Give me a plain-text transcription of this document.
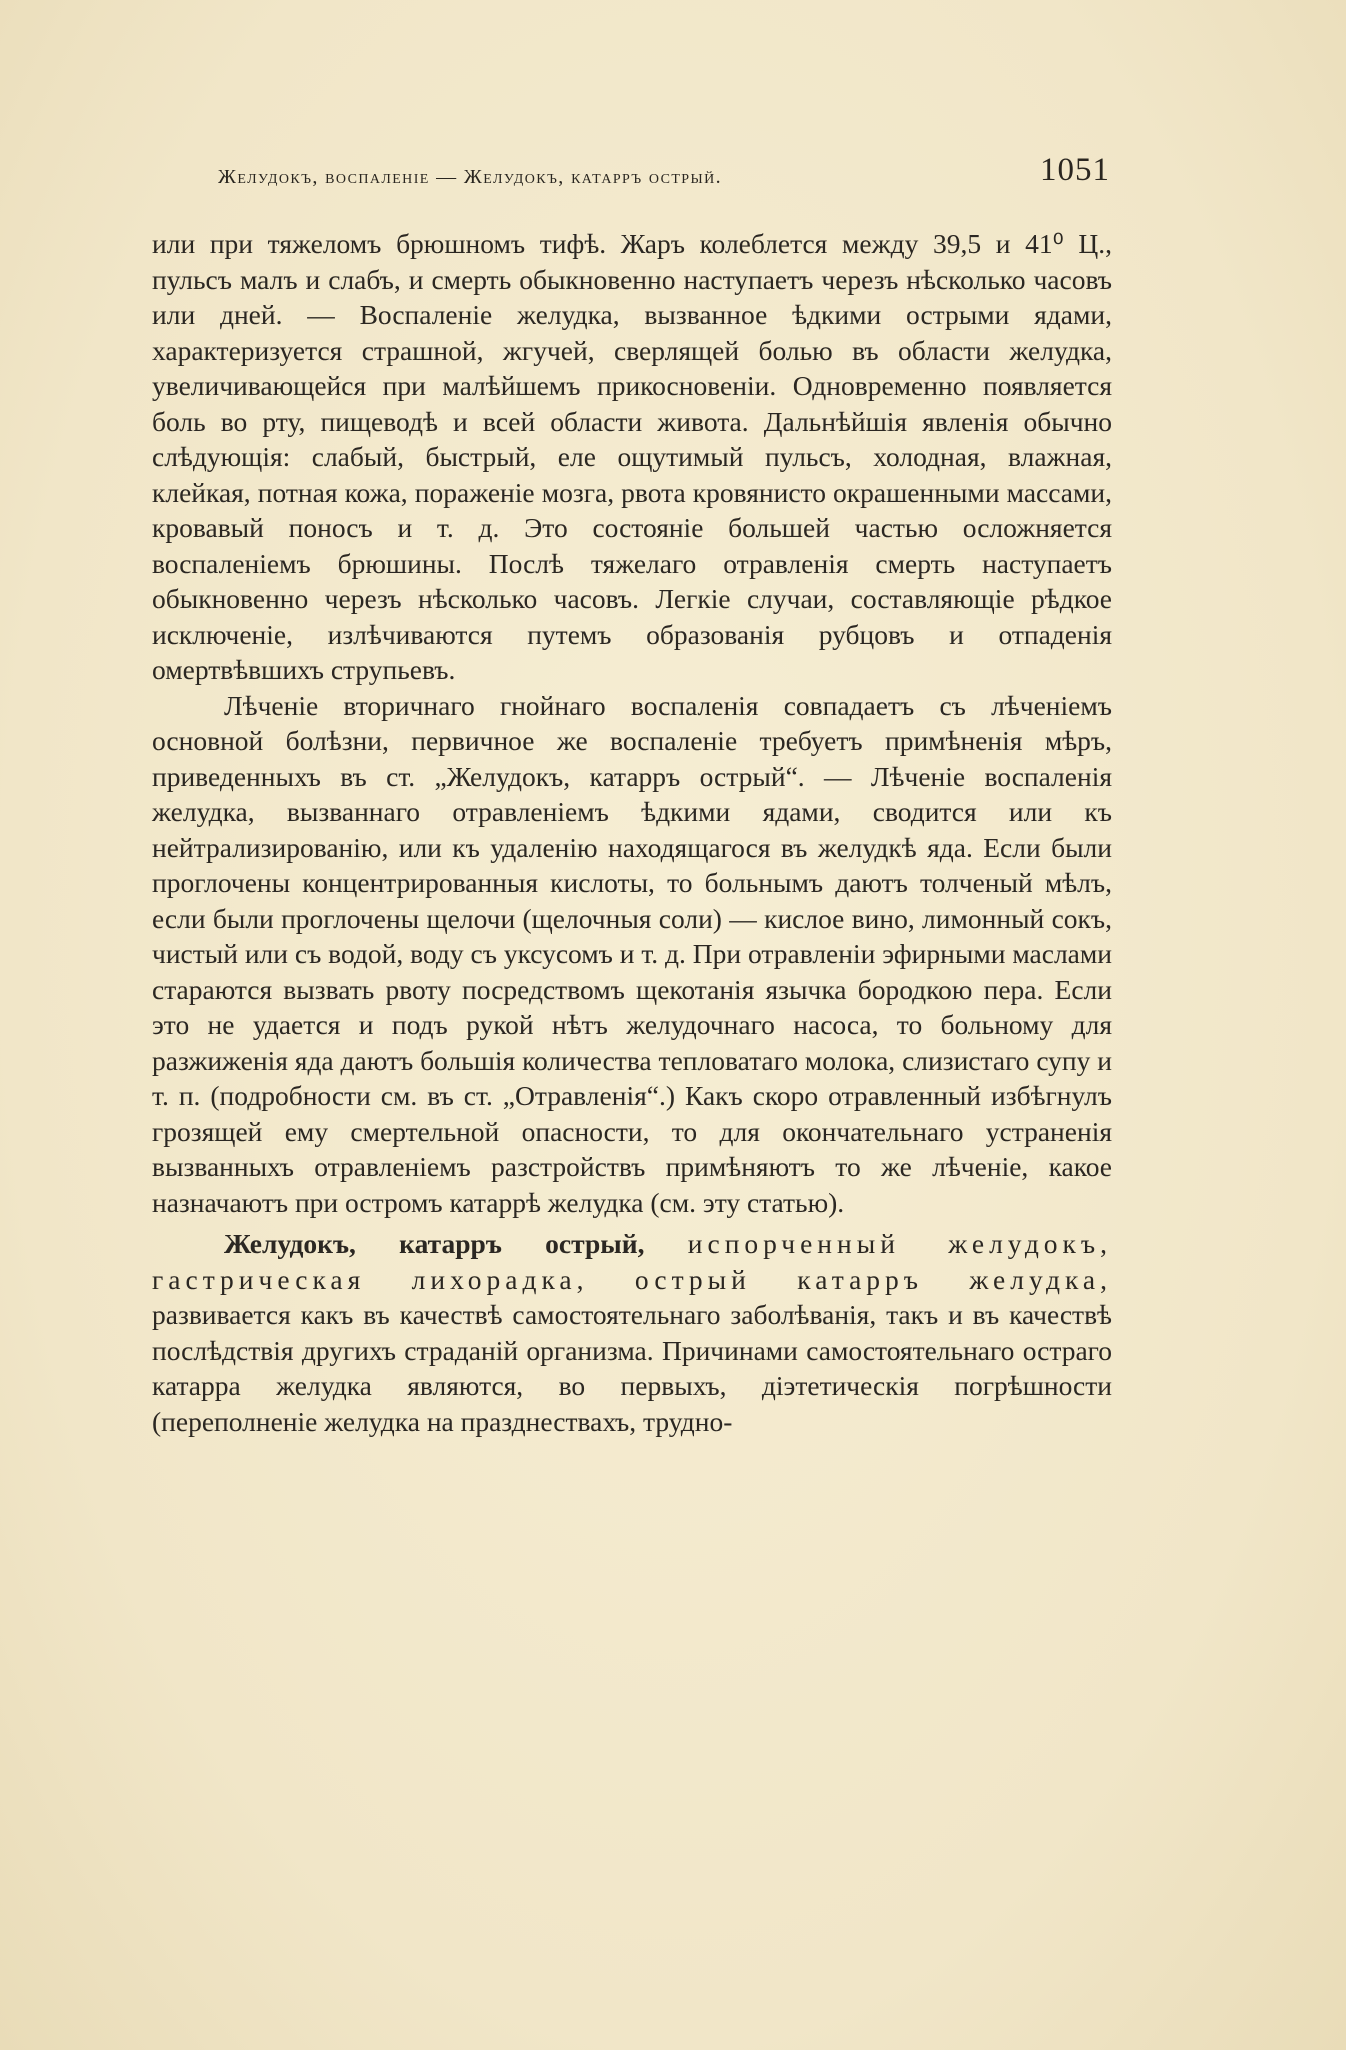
Желудокъ, воспаленіе — Желудокъ, катарръ острый.	1051

или при тяжеломъ брюшномъ тифѣ. Жаръ колеблется между 39,5 и 41⁰ Ц., пульсъ малъ и слабъ, и смерть обыкновенно наступаетъ черезъ нѣсколько часовъ или дней. — Воспаленіе желудка, вызванное ѣдкими острыми ядами, характеризуется страшной, жгучей, сверлящей болью въ области желудка, увеличивающейся при малѣйшемъ прикосновеніи. Одновременно появляется боль во рту, пищеводѣ и всей области живота. Дальнѣйшія явленія обычно слѣдующія: слабый, быстрый, еле ощутимый пульсъ, холодная, влажная, клейкая, потная кожа, пораженіе мозга, рвота кровянисто окрашенными массами, кровавый поносъ и т. д. Это состояніе большей частью осложняется воспаленіемъ брюшины. Послѣ тяжелаго отравленія смерть наступаетъ обыкновенно черезъ нѣсколько часовъ. Легкіе случаи, составляющіе рѣдкое исключеніе, излѣчиваются путемъ образованія рубцовъ и отпаденія омертвѣвшихъ струпьевъ.

Лѣченіе вторичнаго гнойнаго воспаленія совпадаетъ съ лѣченіемъ основной болѣзни, первичное же воспаленіе требуетъ примѣненія мѣръ, приведенныхъ въ ст. „Желудокъ, катарръ острый“. — Лѣченіе воспаленія желудка, вызваннаго отравленіемъ ѣдкими ядами, сводится или къ нейтрализированію, или къ удаленію находящагося въ желудкѣ яда. Если были проглочены концентрированныя кислоты, то больнымъ даютъ толченый мѣлъ, если были проглочены щелочи (щелочныя соли) — кислое вино, лимонный сокъ, чистый или съ водой, воду съ уксусомъ и т. д. При отравленіи эфирными маслами стараются вызвать рвоту посредствомъ щекотанія язычка бородкою пера. Если это не удается и подъ рукой нѣтъ желудочнаго насоса, то больному для разжиженія яда даютъ большія количества тепловатаго молока, слизистаго супу и т. п. (подробности см. въ ст. „Отравленія“.) Какъ скоро отравленный избѣгнулъ грозящей ему смертельной опасности, то для окончательнаго устраненія вызванныхъ отравленіемъ разстройствъ примѣняютъ то же лѣченіе, какое назначаютъ при остромъ катаррѣ желудка (см. эту статью).

Желудокъ, катарръ острый, испорченный желудокъ, гастрическая лихорадка, острый катарръ желудка, развивается какъ въ качествѣ самостоятельнаго заболѣванія, такъ и въ качествѣ послѣдствія другихъ страданій организма. Причинами самостоятельнаго остраго катарра желудка являются, во первыхъ, діэтетическія погрѣшности (переполненіе желудка на празднествахъ, трудно-
